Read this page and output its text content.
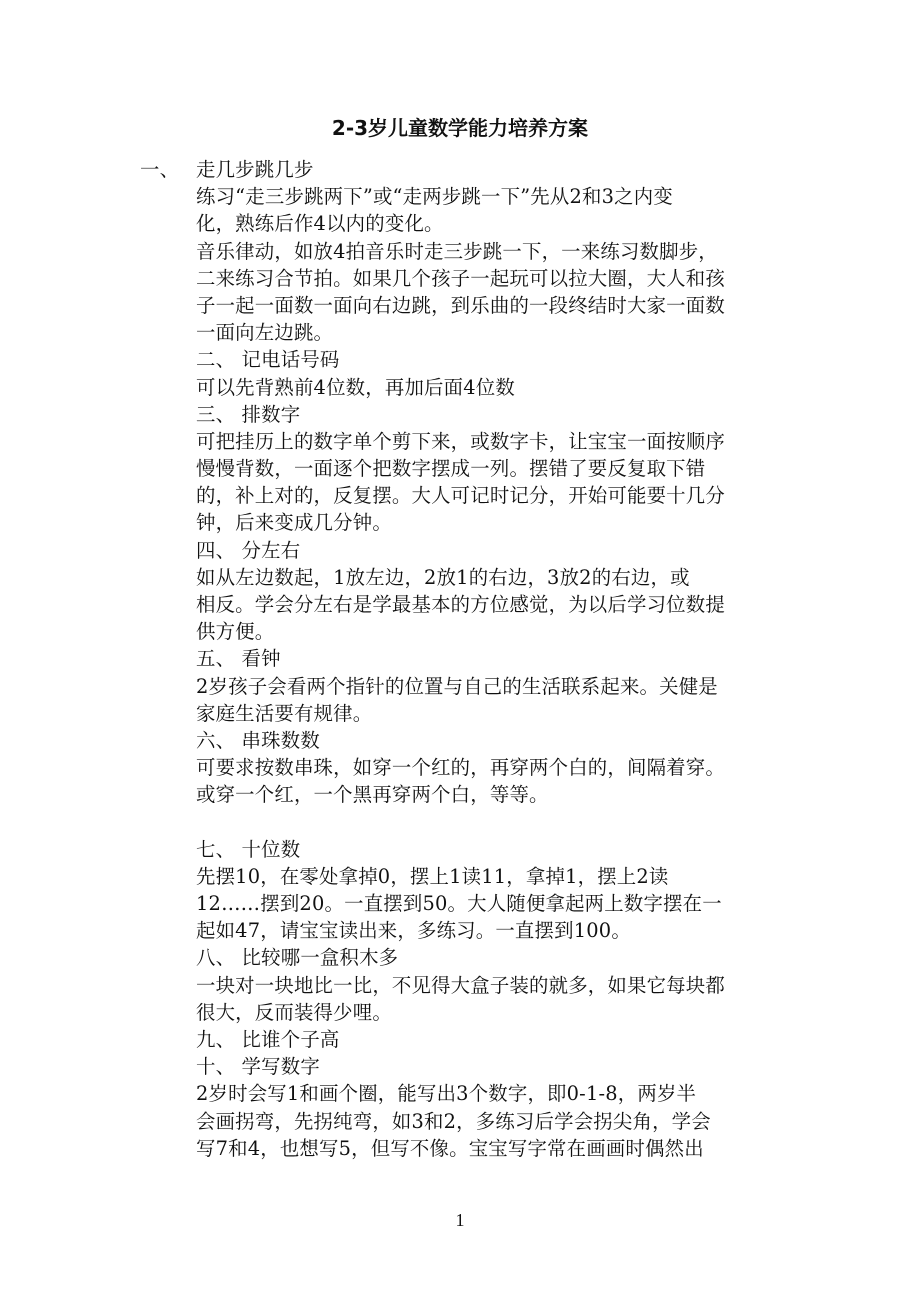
2-3岁儿童数学能力培养方案
一、 走几步跳几步
练习“走三步跳两下”或“走两步跳一下”先从2和3之内变
化，熟练后作4以内的变化。
音乐律动，如放4拍音乐时走三步跳一下，一来练习数脚步，
二来练习合节拍。如果几个孩子一起玩可以拉大圈，大人和孩
子一起一面数一面向右边跳，到乐曲的一段终结时大家一面数
一面向左边跳。
二、 记电话号码
可以先背熟前4位数，再加后面4位数
三、 排数字
可把挂历上的数字单个剪下来，或数字卡，让宝宝一面按顺序
慢慢背数，一面逐个把数字摆成一列。摆错了要反复取下错
的，补上对的，反复摆。大人可记时记分，开始可能要十几分
钟，后来变成几分钟。
四、 分左右
如从左边数起，1放左边，2放1的右边，3放2的右边，或
相反。学会分左右是学最基本的方位感觉，为以后学习位数提
供方便。
五、 看钟
2岁孩子会看两个指针的位置与自己的生活联系起来。关健是
家庭生活要有规律。
六、 串珠数数
可要求按数串珠，如穿一个红的，再穿两个白的，间隔着穿。
或穿一个红，一个黑再穿两个白，等等。
七、 十位数
先摆10，在零处拿掉0，摆上1读11，拿掉1，摆上2读
12……摆到20。一直摆到50。大人随便拿起两上数字摆在一
起如47，请宝宝读出来，多练习。一直摆到100。
八、 比较哪一盒积木多
一块对一块地比一比，不见得大盒子装的就多，如果它每块都
很大，反而装得少哩。
九、 比谁个子高
十、 学写数字
2岁时会写1和画个圈，能写出3个数字，即0-1-8，两岁半
会画拐弯，先拐纯弯，如3和2，多练习后学会拐尖角，学会
写7和4，也想写5，但写不像。宝宝写字常在画画时偶然出
1
